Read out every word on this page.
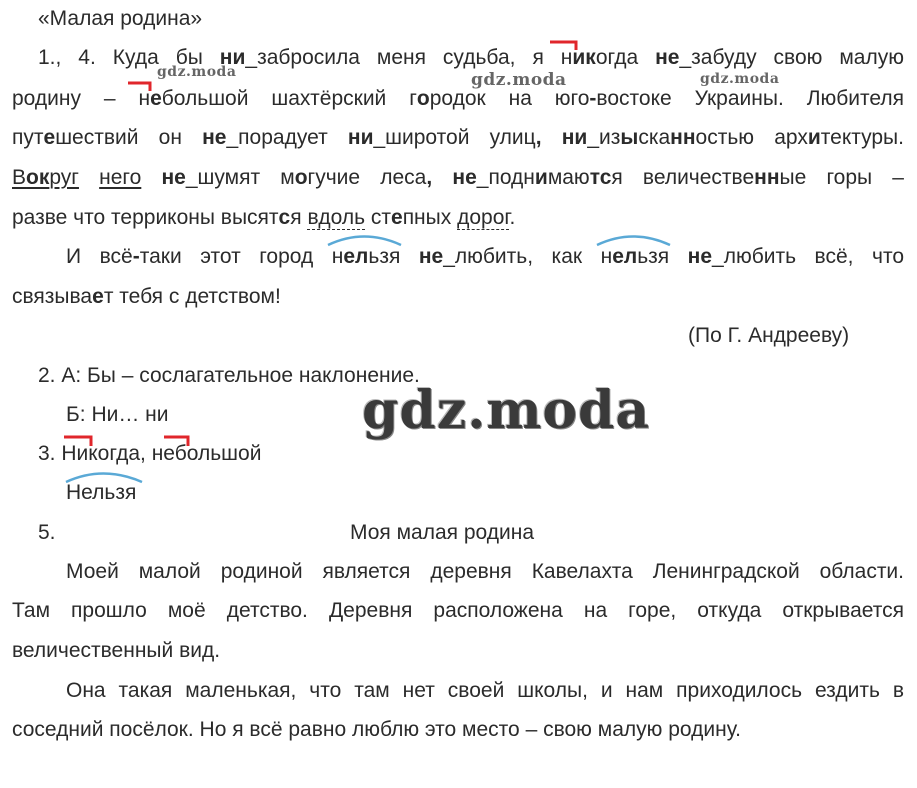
«Малая родина»
1., 4. Куда бы ни_забросила меня судьба, я никогда не_забуду свою малую
родину – небольшой шахтёрский городок на юго-востоке Украины. Любителя
путешествий он не_порадует ни_широтой улиц, ни_изысканностью архитектуры.
Вокруг него не_шумят могучие леса, не_поднимаются величественные горы –
разве что терриконы высятся вдоль степных дорог.
И всё-таки этот город нельзя не_любить, как нельзя не_любить всё, что
связывает тебя с детством!
(По Г. Андрееву)
2. А: Бы – сослагательное наклонение.
Б: Ни… ни
3. Никогда, небольшой
Нельзя
5.	Моя малая родина
Моей малой родиной является деревня Кавелахта Ленинградской области.
Там прошло моё детство. Деревня расположена на горе, откуда открывается
величественный вид.
Она такая маленькая, что там нет своей школы, и нам приходилось ездить в
соседний посёлок. Но я всё равно люблю это место – свою малую родину.
gdz.moda	gdz.moda	gdz.moda
gdz.moda
